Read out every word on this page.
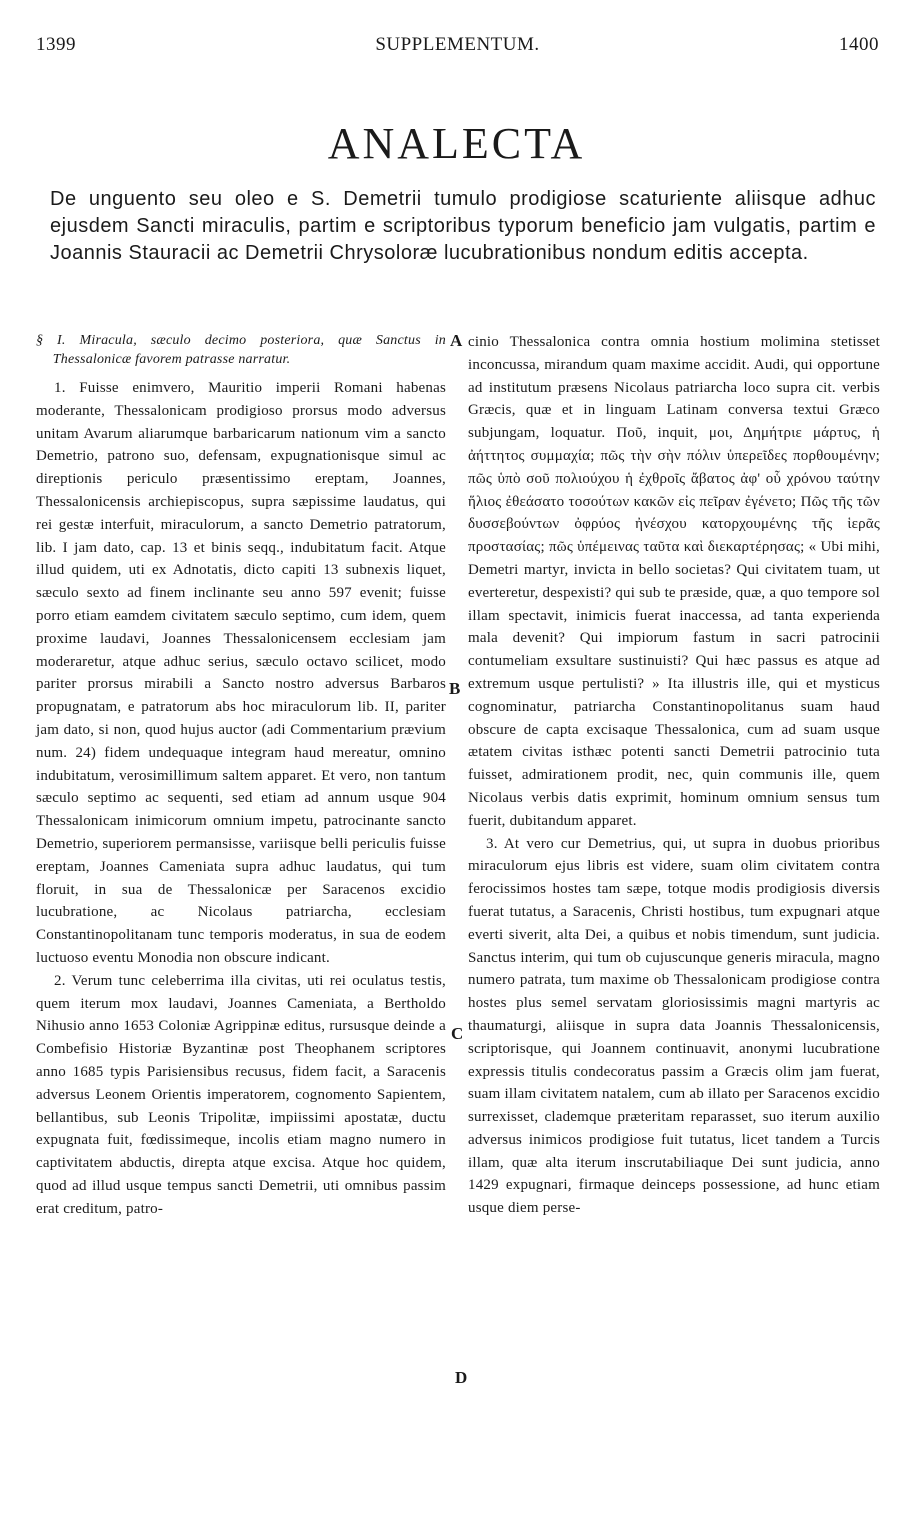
1399	SUPPLEMENTUM.	1400
ANALECTA

De unguento seu oleo e S. Demetrii tumulo prodigiose scaturiente aliisque adhuc ejusdem Sancti miraculis, partim e scriptoribus typorum beneficio jam vulgatis, partim e Joannis Stauracii ac Demetrii Chrysoloræ lucubrationibus nondum editis accepta.

§ I. Miracula, sæculo decimo posteriora, quæ Sanctus in Thessalonicæ favorem patrasse narratur.

1. Fuisse enimvero, Mauritio imperii Romani habenas moderante, Thessalonicam prodigioso prorsus modo adversus unitam Avarum aliarumque barbaricarum nationum vim a sancto Demetrio, patrono suo, defensam, expugnationisque simul ac direptionis periculo præsentissimo ereptam, Joannes, Thessalonicensis archiepiscopus, supra sæpissime laudatus, qui rei gestæ interfuit, miraculorum, a sancto Demetrio patratorum, lib. I jam dato, cap. 13 et binis seqq., indubitatum facit. Atque illud quidem, uti ex Adnotatis, dicto capiti 13 subnexis liquet, sæculo sexto ad finem inclinante seu anno 597 evenit; fuisse porro etiam eamdem civitatem sæculo septimo, cum idem, quem proxime laudavi, Joannes Thessalonicensem ecclesiam jam moderaretur, atque adhuc serius, sæculo octavo scilicet, modo pariter prorsus mirabili a Sancto nostro adversus Barbaros propugnatam, e patratorum abs hoc miraculorum lib. II, pariter jam dato, si non, quod hujus auctor (adi Commentarium prævium num. 24) fidem undequaque integram haud mereatur, omnino indubitatum, verosimillimum saltem apparet. Et vero, non tantum sæculo septimo ac sequenti, sed etiam ad annum usque 904 Thessalonicam inimicorum omnium impetu, patrocinante sancto Demetrio, superiorem permansisse, variisque belli periculis fuisse ereptam, Joannes Cameniata supra adhuc laudatus, qui tum floruit, in sua de Thessalonicæ per Saracenos excidio lucubratione, ac Nicolaus patriarcha, ecclesiam Constantinopolitanam tunc temporis moderatus, in sua de eodem luctuoso eventu Monodia non obscure indicant.

2. Verum tunc celeberrima illa civitas, uti rei oculatus testis, quem iterum mox laudavi, Joannes Cameniata, a Bertholdo Nihusio anno 1653 Coloniæ Agrippinæ editus, rursusque deinde a Combefisio Historiæ Byzantinæ post Theophanem scriptores anno 1685 typis Parisiensibus recusus, fidem facit, a Saracenis adversus Leonem Orientis imperatorem, cognomento Sapientem, bellantibus, sub Leonis Tripolitæ, impiissimi apostatæ, ductu expugnata fuit, fœdissimeque, incolis etiam magno numero in captivitatem abductis, direpta atque excisa. Atque hoc quidem, quod ad illud usque tempus sancti Demetrii, uti omnibus passim erat creditum, patro-

A
B
C
D

cinio Thessalonica contra omnia hostium molimina stetisset inconcussa, mirandum quam maxime accidit. Audi, qui opportune ad institutum præsens Nicolaus patriarcha loco supra cit. verbis Græcis, quæ et in linguam Latinam conversa textui Græco subjungam, loquatur. Ποῦ, inquit, μοι, Δημήτριε μάρτυς, ἡ ἀήττητος συμμαχία; πῶς τὴν σὴν πόλιν ὑπερεῖδες πορθουμένην; πῶς ὑπὸ σοῦ πολιούχου ἡ ἐχθροῖς ἄβατος ἀφ' οὗ χρόνου ταύτην ἥλιος ἐθεάσατο τοσούτων κακῶν εἰς πεῖραν ἐγένετο; Πῶς τῆς τῶν δυσσεβούντων ὀφρύος ἠνέσχου κατορχουμένης τῆς ἱερᾶς προστασίας; πῶς ὑπέμεινας ταῦτα καὶ διεκαρτέρησας; « Ubi mihi, Demetri martyr, invicta in bello societas? Qui civitatem tuam, ut everteretur, despexisti? qui sub te præside, quæ, a quo tempore sol illam spectavit, inimicis fuerat inaccessa, ad tanta experienda mala devenit? Qui impiorum fastum in sacri patrocinii contumeliam exsultare sustinuisti? Qui hæc passus es atque ad extremum usque pertulisti? » Ita illustris ille, qui et mysticus cognominatur, patriarcha Constantinopolitanus suam haud obscure de capta excisaque Thessalonica, cum ad suam usque ætatem civitas isthæc potenti sancti Demetrii patrocinio tuta fuisset, admirationem prodit, nec, quin communis ille, quem Nicolaus verbis datis exprimit, hominum omnium sensus tum fuerit, dubitandum apparet.

3. At vero cur Demetrius, qui, ut supra in duobus prioribus miraculorum ejus libris est videre, suam olim civitatem contra ferocissimos hostes tam sæpe, totque modis prodigiosis diversis fuerat tutatus, a Saracenis, Christi hostibus, tum expugnari atque everti siverit, alta Dei, a quibus et nobis timendum, sunt judicia. Sanctus interim, qui tum ob cujuscunque generis miracula, magno numero patrata, tum maxime ob Thessalonicam prodigiose contra hostes plus semel servatam gloriosissimis magni martyris ac thaumaturgi, aliisque in supra data Joannis Thessalonicensis, scriptorisque, qui Joannem continuavit, anonymi lucubratione expressis titulis condecoratus passim a Græcis olim jam fuerat, suam illam civitatem natalem, cum ab illato per Saracenos excidio surrexisset, clademque præteritam reparasset, suo iterum auxilio adversus inimicos prodigiose fuit tutatus, licet tandem a Turcis illam, quæ alta iterum inscrutabiliaque Dei sunt judicia, anno 1429 expugnari, firmaque deinceps possessione, ad hunc etiam usque diem perse-
